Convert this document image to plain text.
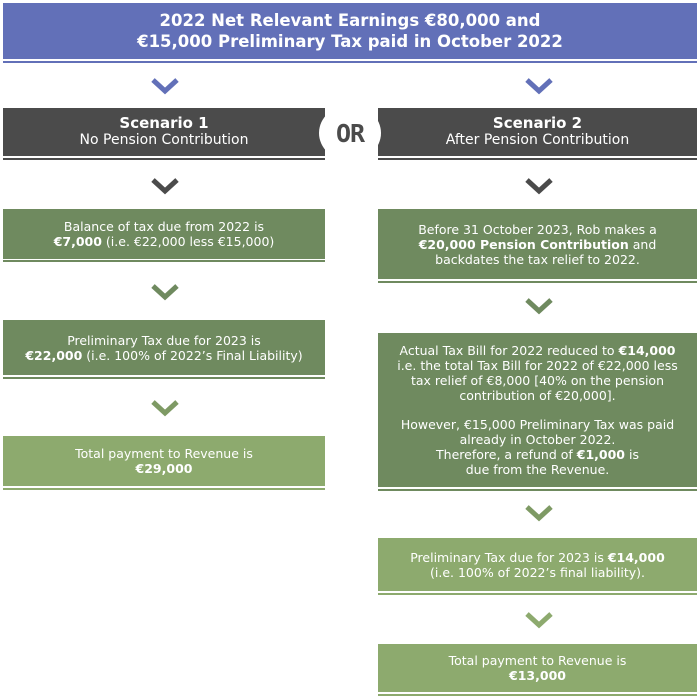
2022 Net Relevant Earnings €80,000 and
€15,000 Preliminary Tax paid in October 2022
Scenario 1
No Pension Contribution
Scenario 2
After Pension Contribution
OR
Balance of tax due from 2022 is
€7,000 (i.e. €22,000 less €15,000)
Preliminary Tax due for 2023 is
€22,000 (i.e. 100% of 2022’s Final Liability)
Total payment to Revenue is
€29,000
Before 31 October 2023, Rob makes a
€20,000 Pension Contribution and
backdates the tax relief to 2022.
Actual Tax Bill for 2022 reduced to €14,000
i.e. the total Tax Bill for 2022 of €22,000 less
tax relief of €8,000 [40% on the pension
contribution of €20,000].
However, €15,000 Preliminary Tax was paid
already in October 2022.
Therefore, a refund of €1,000 is
due from the Revenue.
Preliminary Tax due for 2023 is €14,000
(i.e. 100% of 2022’s final liability).
Total payment to Revenue is
€13,000
